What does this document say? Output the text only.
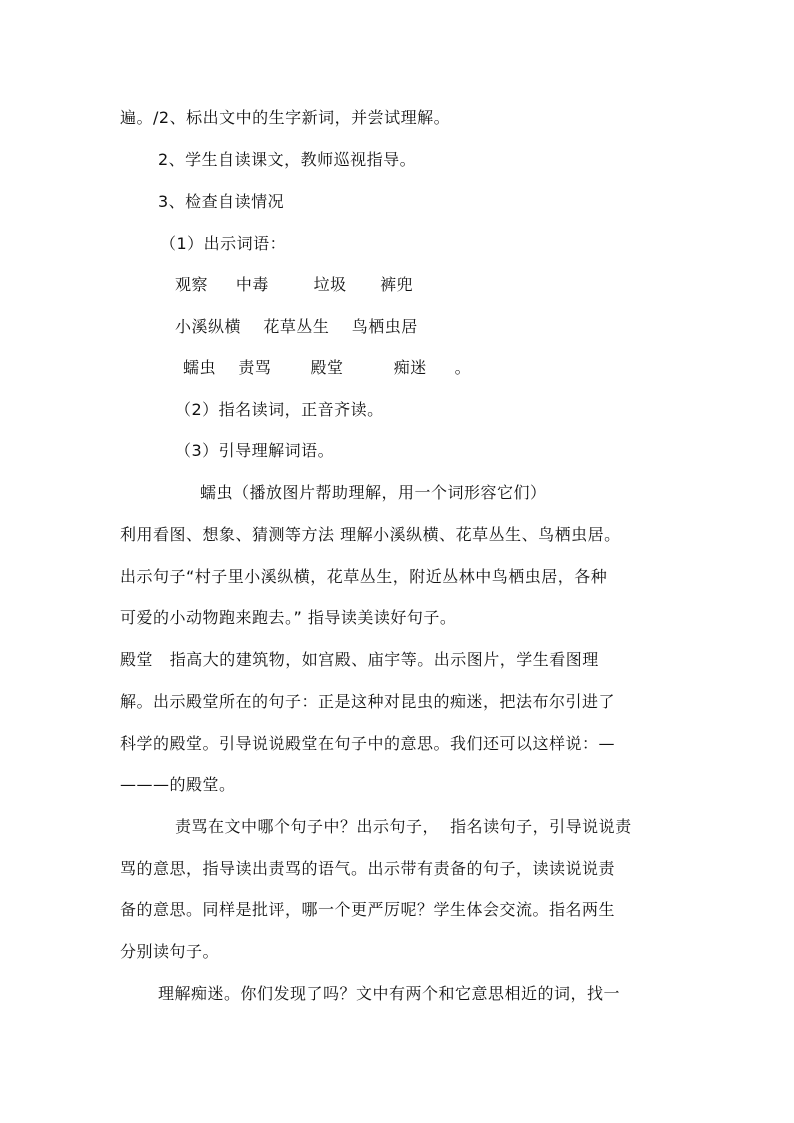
遍。/2、标出文中的生字新词，并尝试理解。
2、学生自读课文，教师巡视指导。
3、检查自读情况
（1）出示词语：
观察     中毒        垃圾      裤兜
小溪纵横    花草丛生    鸟栖虫居
蠕虫    责骂       殿堂         痴迷     。
（2）指名读词，正音齐读。
（3）引导理解词语。
蠕虫（播放图片帮助理解，用一个词形容它们）
利用看图、想象、猜测等方法 理解小溪纵横、花草丛生、鸟栖虫居。
出示句子“村子里小溪纵横，花草丛生，附近丛林中鸟栖虫居，各种
可爱的小动物跑来跑去。” 指导读美读好句子。
殿堂   指高大的建筑物，如宫殿、庙宇等。出示图片，学生看图理
解。出示殿堂所在的句子：正是这种对昆虫的痴迷，把法布尔引进了
科学的殿堂。引导说说殿堂在句子中的意思。我们还可以这样说：—
———的殿堂。
责骂在文中哪个句子中？出示句子，  指名读句子，引导说说责
骂的意思，指导读出责骂的语气。出示带有责备的句子，读读说说责
备的意思。同样是批评，哪一个更严厉呢？学生体会交流。指名两生
分别读句子。
理解痴迷。你们发现了吗？文中有两个和它意思相近的词，找一
